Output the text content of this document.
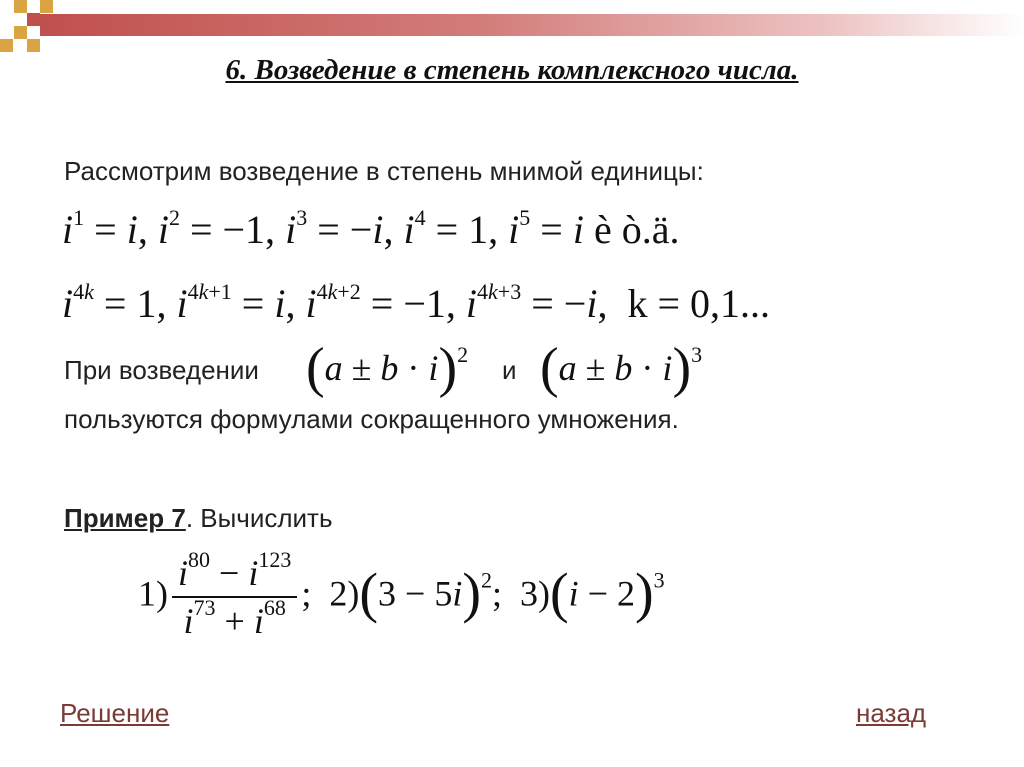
6. Возведение в степень комплексного числа.
Рассмотрим возведение в степень мнимой единицы:
$i^1 = i$, $i^2 = -1$, $i^3 = -i$, $i^4 = 1$, $i^5 = i$ è ò.ä.
$i^{4k} = 1$, $i^{4k+1} = i$, $i^{4k+2} = -1$, $i^{4k+3} = -i$,  k = 0,1...
При возведении $(a \pm b \cdot i)^2$
и $(a \pm b \cdot i)^3$
пользуются формулами сокращенного умножения.
Пример 7. Вычислить
$1) \frac{i^{80} - i^{123}}{i^{73} + i^{68}}$ ;  $2)(3 - 5i)^2$;  $3)(i - 2)^3$
Решение	назад
